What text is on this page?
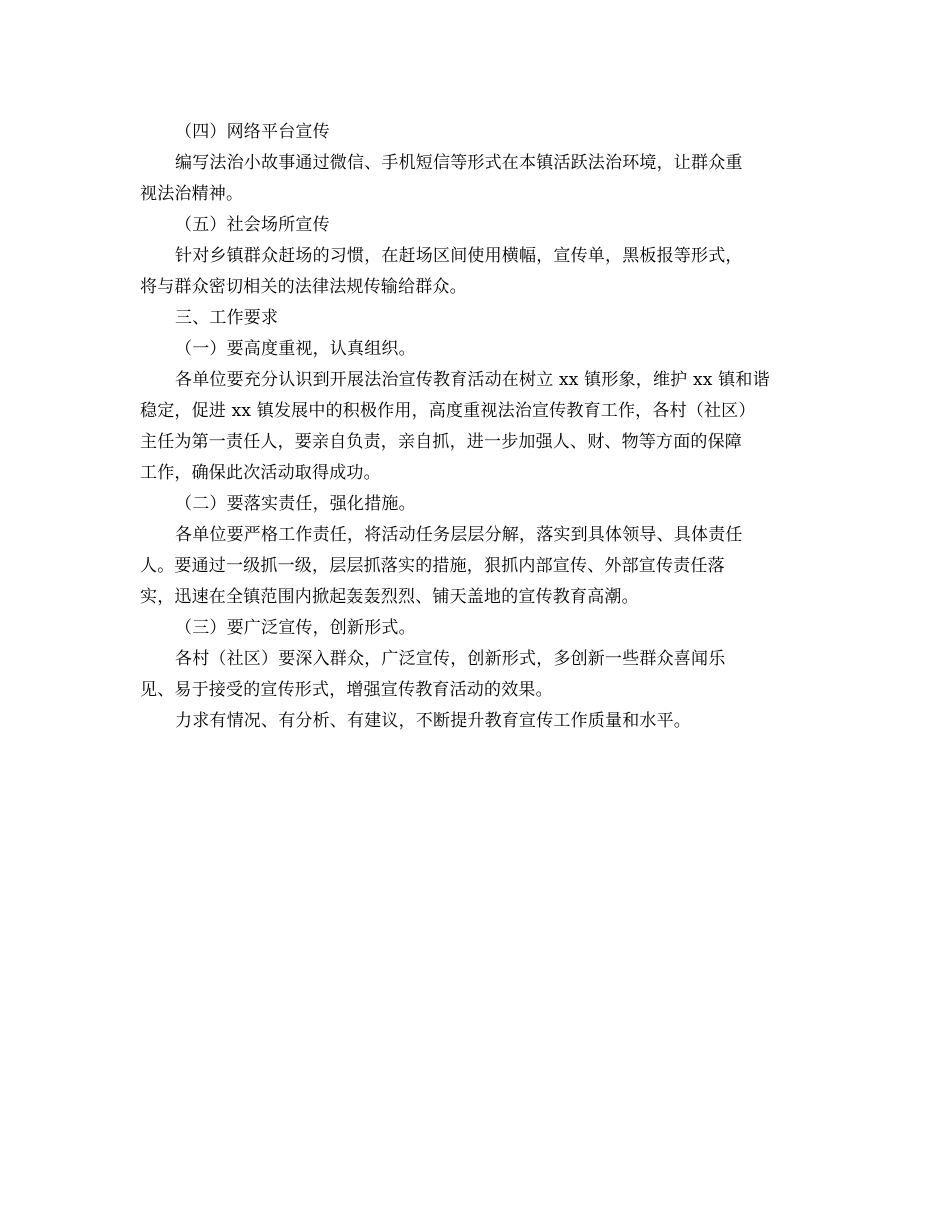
（四）网络平台宣传
编写法治小故事通过微信、手机短信等形式在本镇活跃法治环境，让群众重
视法治精神。
（五）社会场所宣传
针对乡镇群众赶场的习惯，在赶场区间使用横幅，宣传单，黑板报等形式，
将与群众密切相关的法律法规传输给群众。
三、工作要求
（一）要高度重视，认真组织。
各单位要充分认识到开展法治宣传教育活动在树立 xx 镇形象，维护 xx 镇和谐
稳定，促进 xx 镇发展中的积极作用，高度重视法治宣传教育工作，各村（社区）
主任为第一责任人，要亲自负责，亲自抓，进一步加强人、财、物等方面的保障
工作，确保此次活动取得成功。
（二）要落实责任，强化措施。
各单位要严格工作责任，将活动任务层层分解，落实到具体领导、具体责任
人。要通过一级抓一级，层层抓落实的措施，狠抓内部宣传、外部宣传责任落
实，迅速在全镇范围内掀起轰轰烈烈、铺天盖地的宣传教育高潮。
（三）要广泛宣传，创新形式。
各村（社区）要深入群众，广泛宣传，创新形式，多创新一些群众喜闻乐
见、易于接受的宣传形式，增强宣传教育活动的效果。
力求有情况、有分析、有建议，不断提升教育宣传工作质量和水平。
